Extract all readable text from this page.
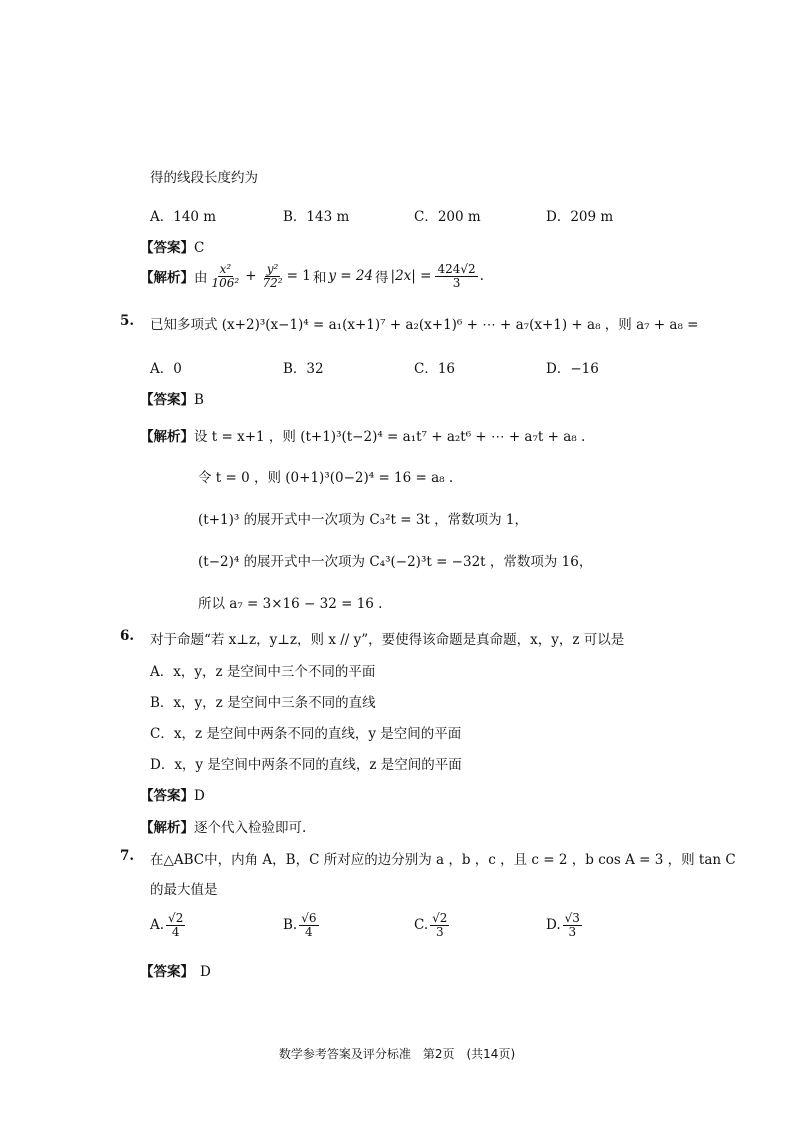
得的线段长度约为
A．140 m	B．143 m	C．200 m	D．209 m
【答案】C
【解析】 由 $\frac{\text{x²}}{\text{106²}} + \frac{\text{y²}}{\text{72²}} = 1$ 和 y = 24 得 $|2x| = \frac{424√2}{3}$ .
5. 已知多项式 (x+2)³(x−1)⁴ = a₁(x+1)⁷ + a₂(x+1)⁶ + ⋯ + a₇(x+1) + a₈ ，则 a₇ + a₈ =
A．0	B．32	C．16	D．−16
【答案】B
【解析】设 t = x+1 ，则 (t+1)³(t−2)⁴ = a₁t⁷ + a₂t⁶ + ⋯ + a₇t + a₈ .
令 t = 0 ，则 (0+1)³(0−2)⁴ = 16 = a₈ .
(t+1)³ 的展开式中一次项为 C₃²t = 3t ，常数项为 1，
(t−2)⁴ 的展开式中一次项为 C₄³(−2)³t = −32t ，常数项为 16，
所以 a₇ = 3×16 − 32 = 16 .
6. 对于命题“若 x⊥z，y⊥z，则 x // y”，要使得该命题是真命题，x，y，z 可以是
A．x，y，z 是空间中三个不同的平面
B．x，y，z 是空间中三条不同的直线
C．x，z 是空间中两条不同的直线，y 是空间的平面
D．x，y 是空间中两条不同的直线，z 是空间的平面
【答案】D
【解析】逐个代入检验即可.
7. 在△ABC中，内角 A，B，C 所对应的边分别为 a ，b ，c ，且 c = 2 ，b cos A = 3 ，则 tan C
的最大值是
A. $\frac{√2}{4}$	B. $\frac{√6}{4}$	C. $\frac{√2}{3}$	D. $\frac{√3}{3}$
【答案】 D
数学参考答案及评分标准　第2页　(共14页)
